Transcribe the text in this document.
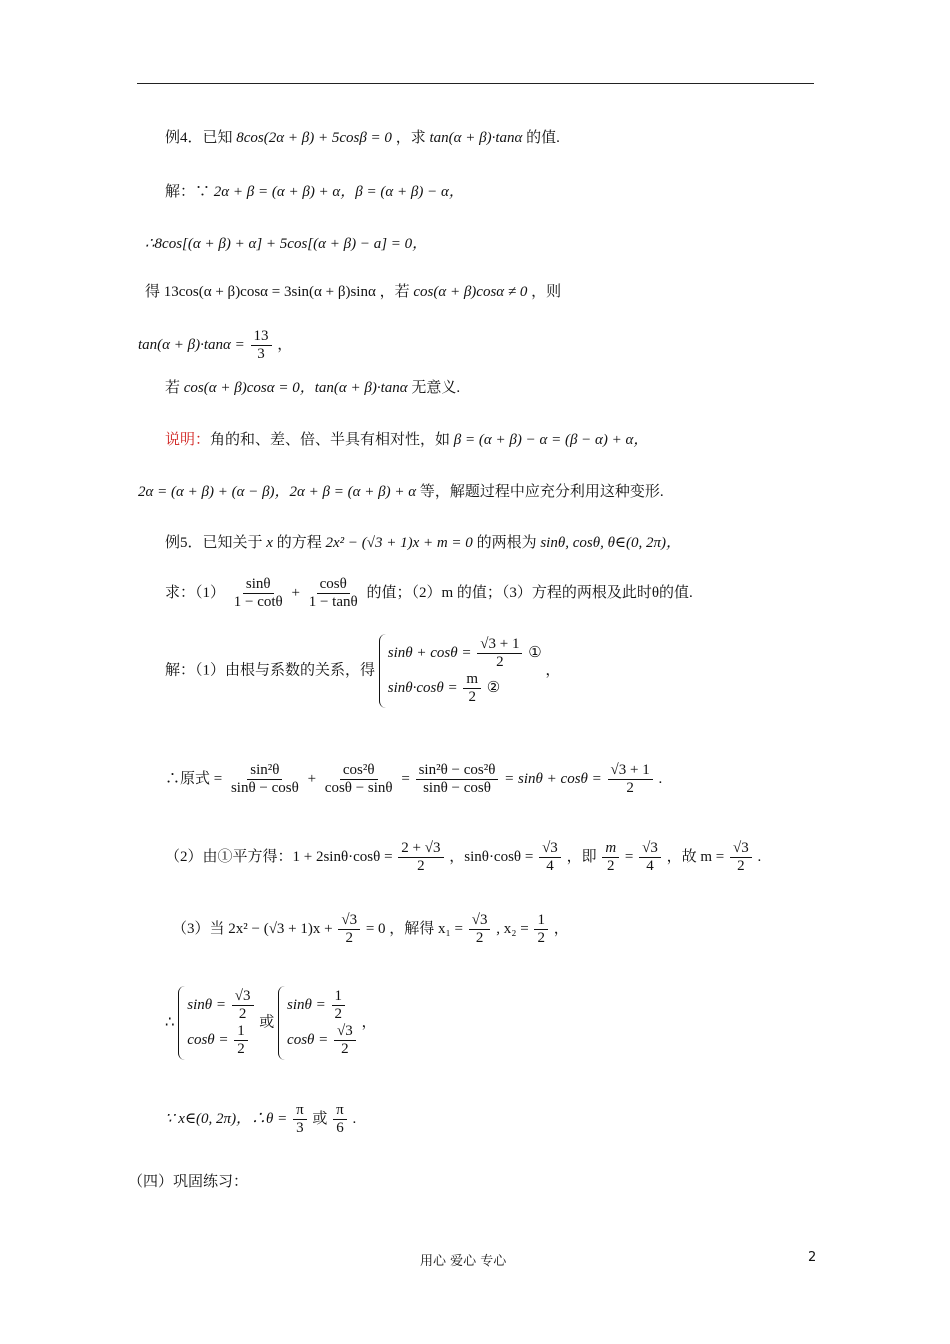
例4．已知 8cos(2α + β) + 5cosβ = 0 ，求 tan(α + β)·tanα 的值.
解：∵ 2α + β = (α + β) + α，β = (α + β) − α，
∴8cos[(α + β) + α] + 5cos[(α + β) − a] = 0，
得 13cos(α + β)cosα = 3sin(α + β)sinα ，若 cos(α + β)cosα ≠ 0 ，则
$\tan(\alpha + \beta)\cdot\tan\alpha = \frac{13}{3}$ ，
若 cos(α + β)cosα = 0，tan(α + β)·tanα 无意义.
说明：角的和、差、倍、半具有相对性，如 β = (α + β) − α = (β − α) + α，
2α = (α + β) + (α − β)，2α + β = (α + β) + α 等，解题过程中应充分利用这种变形.
例5．已知关于 x 的方程 2x² − (√3 + 1)x + m = 0 的两根为 sinθ, cosθ, θ∈(0, 2π)，
求：$(1) \frac{\sin\theta}{1 - \cot\theta} + \frac{\cos\theta}{1 - \tan\theta}$ 的值；（2）m 的值；（3）方程的两根及此时θ的值.
解：（1）由根与系数的关系，得
$\sin\theta + \cos\theta = \frac{√3 + 1}{2}$ ①
$\sin\theta\cdot\cos\theta = \frac{m}{2}$ ②
，
∴原式 = $\frac{\text{sin²θ}}{\sin\theta - \cos\theta} + \frac{\text{cos²θ}}{\cos\theta - \sin\theta} = \frac{\text{sin²θ − cos²θ}}{\sin\theta - \cos\theta} = \sin\theta + \cos\theta = \frac{√3 + 1}{2}$ .
（2）由①平方得：$1 + 2\sin\theta\cdot\cos\theta = \frac{2 + √3}{2}$ ，$\sin\theta\cdot\cos\theta = \frac{√3}{4}$ ，即 $\frac{m}{2} = \frac{√3}{4}$ ，故 $m = \frac{√3}{2}$ .
（3）当 $2x^2 - (√3 + 1)x + \frac{√3}{2} = 0$ ，解得 $x_1 = \frac{√3}{2}$ , $x_2 = \frac{1}{2}$ ，
∴
$\sin\theta = \frac{√3}{2}$
$\cos\theta = \frac{1}{2}$
或
$\sin\theta = \frac{1}{2}$
$\cos\theta = \frac{√3}{2}$
，
∵ x∈(0, 2π)，∴θ = $\frac{\pi}{3}$ 或 $\frac{\pi}{6}$ .
（四）巩固练习：
用心 爱心 专心	2
